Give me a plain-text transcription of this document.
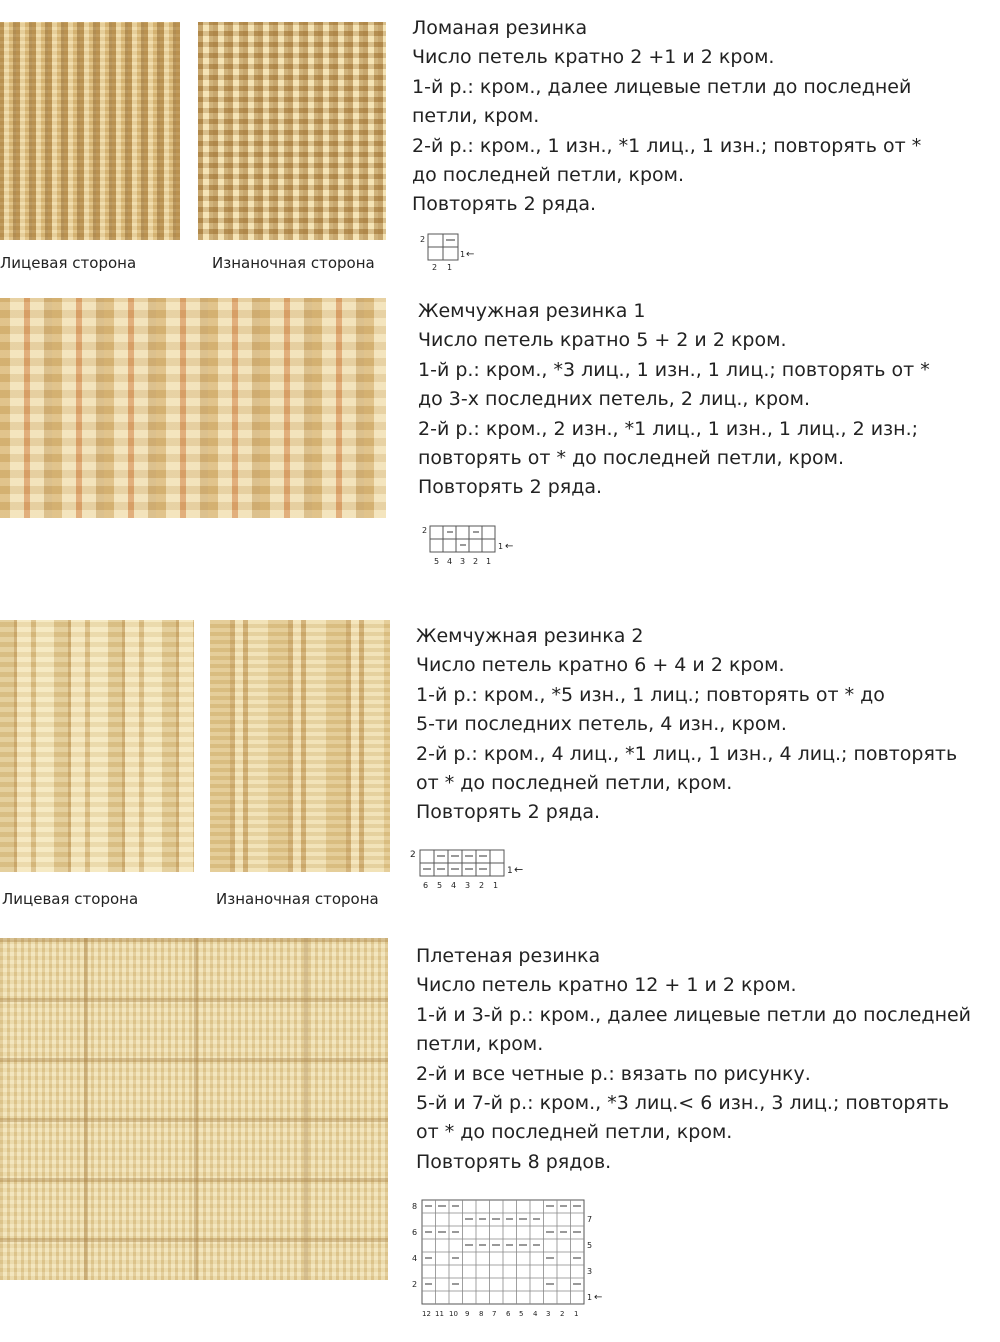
Лицевая сторона	Изнаночная сторона
Ломаная резинка
Число петель кратно 2 +1 и 2 кром.
1-й р.: кром., далее лицевые петли до последней
петли, кром.
2-й р.: кром., 1 изн., *1 лиц., 1 изн.; повторять от *
до последней петли, кром.
Повторять 2 ряда.
2
1 ←
2 1
Жемчужная резинка 1
Число петель кратно 5 + 2 и 2 кром.
1-й р.: кром., *3 лиц., 1 изн., 1 лиц.; повторять от *
до 3-х последних петель, 2 лиц., кром.
2-й р.: кром., 2 изн., *1 лиц., 1 изн., 1 лиц., 2 изн.;
повторять от * до последней петли, кром.
Повторять 2 ряда.
2
1 ←
5 4 3 2 1
Лицевая сторона	Изнаночная сторона
Жемчужная резинка 2
Число петель кратно 6 + 4 и 2 кром.
1-й р.: кром., *5 изн., 1 лиц.; повторять от * до
5-ти последних петель, 4 изн., кром.
2-й р.: кром., 4 лиц., *1 лиц., 1 изн., 4 лиц.; повторять
от * до последней петли, кром.
Повторять 2 ряда.
2
1 ←
6 5 4 3 2 1
Плетеная резинка
Число петель кратно 12 + 1 и 2 кром.
1-й и 3-й р.: кром., далее лицевые петли до последней
петли, кром.
2-й и все четные р.: вязать по рисунку.
5-й и 7-й р.: кром., *3 лиц.< 6 изн., 3 лиц.; повторять
от * до последней петли, кром.
Повторять 8 рядов.
8
6
4
2
7
5
3
1 ←
12 11 10 9 8 7 6 5 4 3 2 1
